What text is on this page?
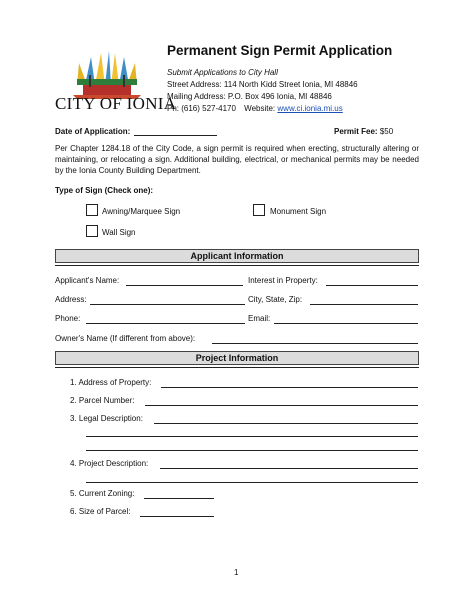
CITY OF IONIA
Permanent Sign Permit Application
Submit Applications to City Hall
Street Address: 114 North Kidd Street Ionia, MI 48846
Mailing Address: P.O. Box 496 Ionia, MI 48846
Ph: (616) 527-4170 Website: www.ci.ionia.mi.us
Date of Application:	Permit Fee: $50
Per Chapter 1284.18 of the City Code, a sign permit is required when erecting, structurally altering or maintaining, or relocating a sign. Additional building, electrical, or mechanical permits may be needed by the Ionia County Building Department.
Type of Sign (Check one):
Awning/Marquee Sign	Monument Sign
Wall Sign
Applicant Information
Applicant's Name:	Interest in Property:
Address:	City, State, Zip:
Phone:	Email:
Owner's Name (If different from above):
Project Information
1. Address of Property:
2. Parcel Number:
3. Legal Description:
4. Project Description:
5. Current Zoning:
6. Size of Parcel:
1
